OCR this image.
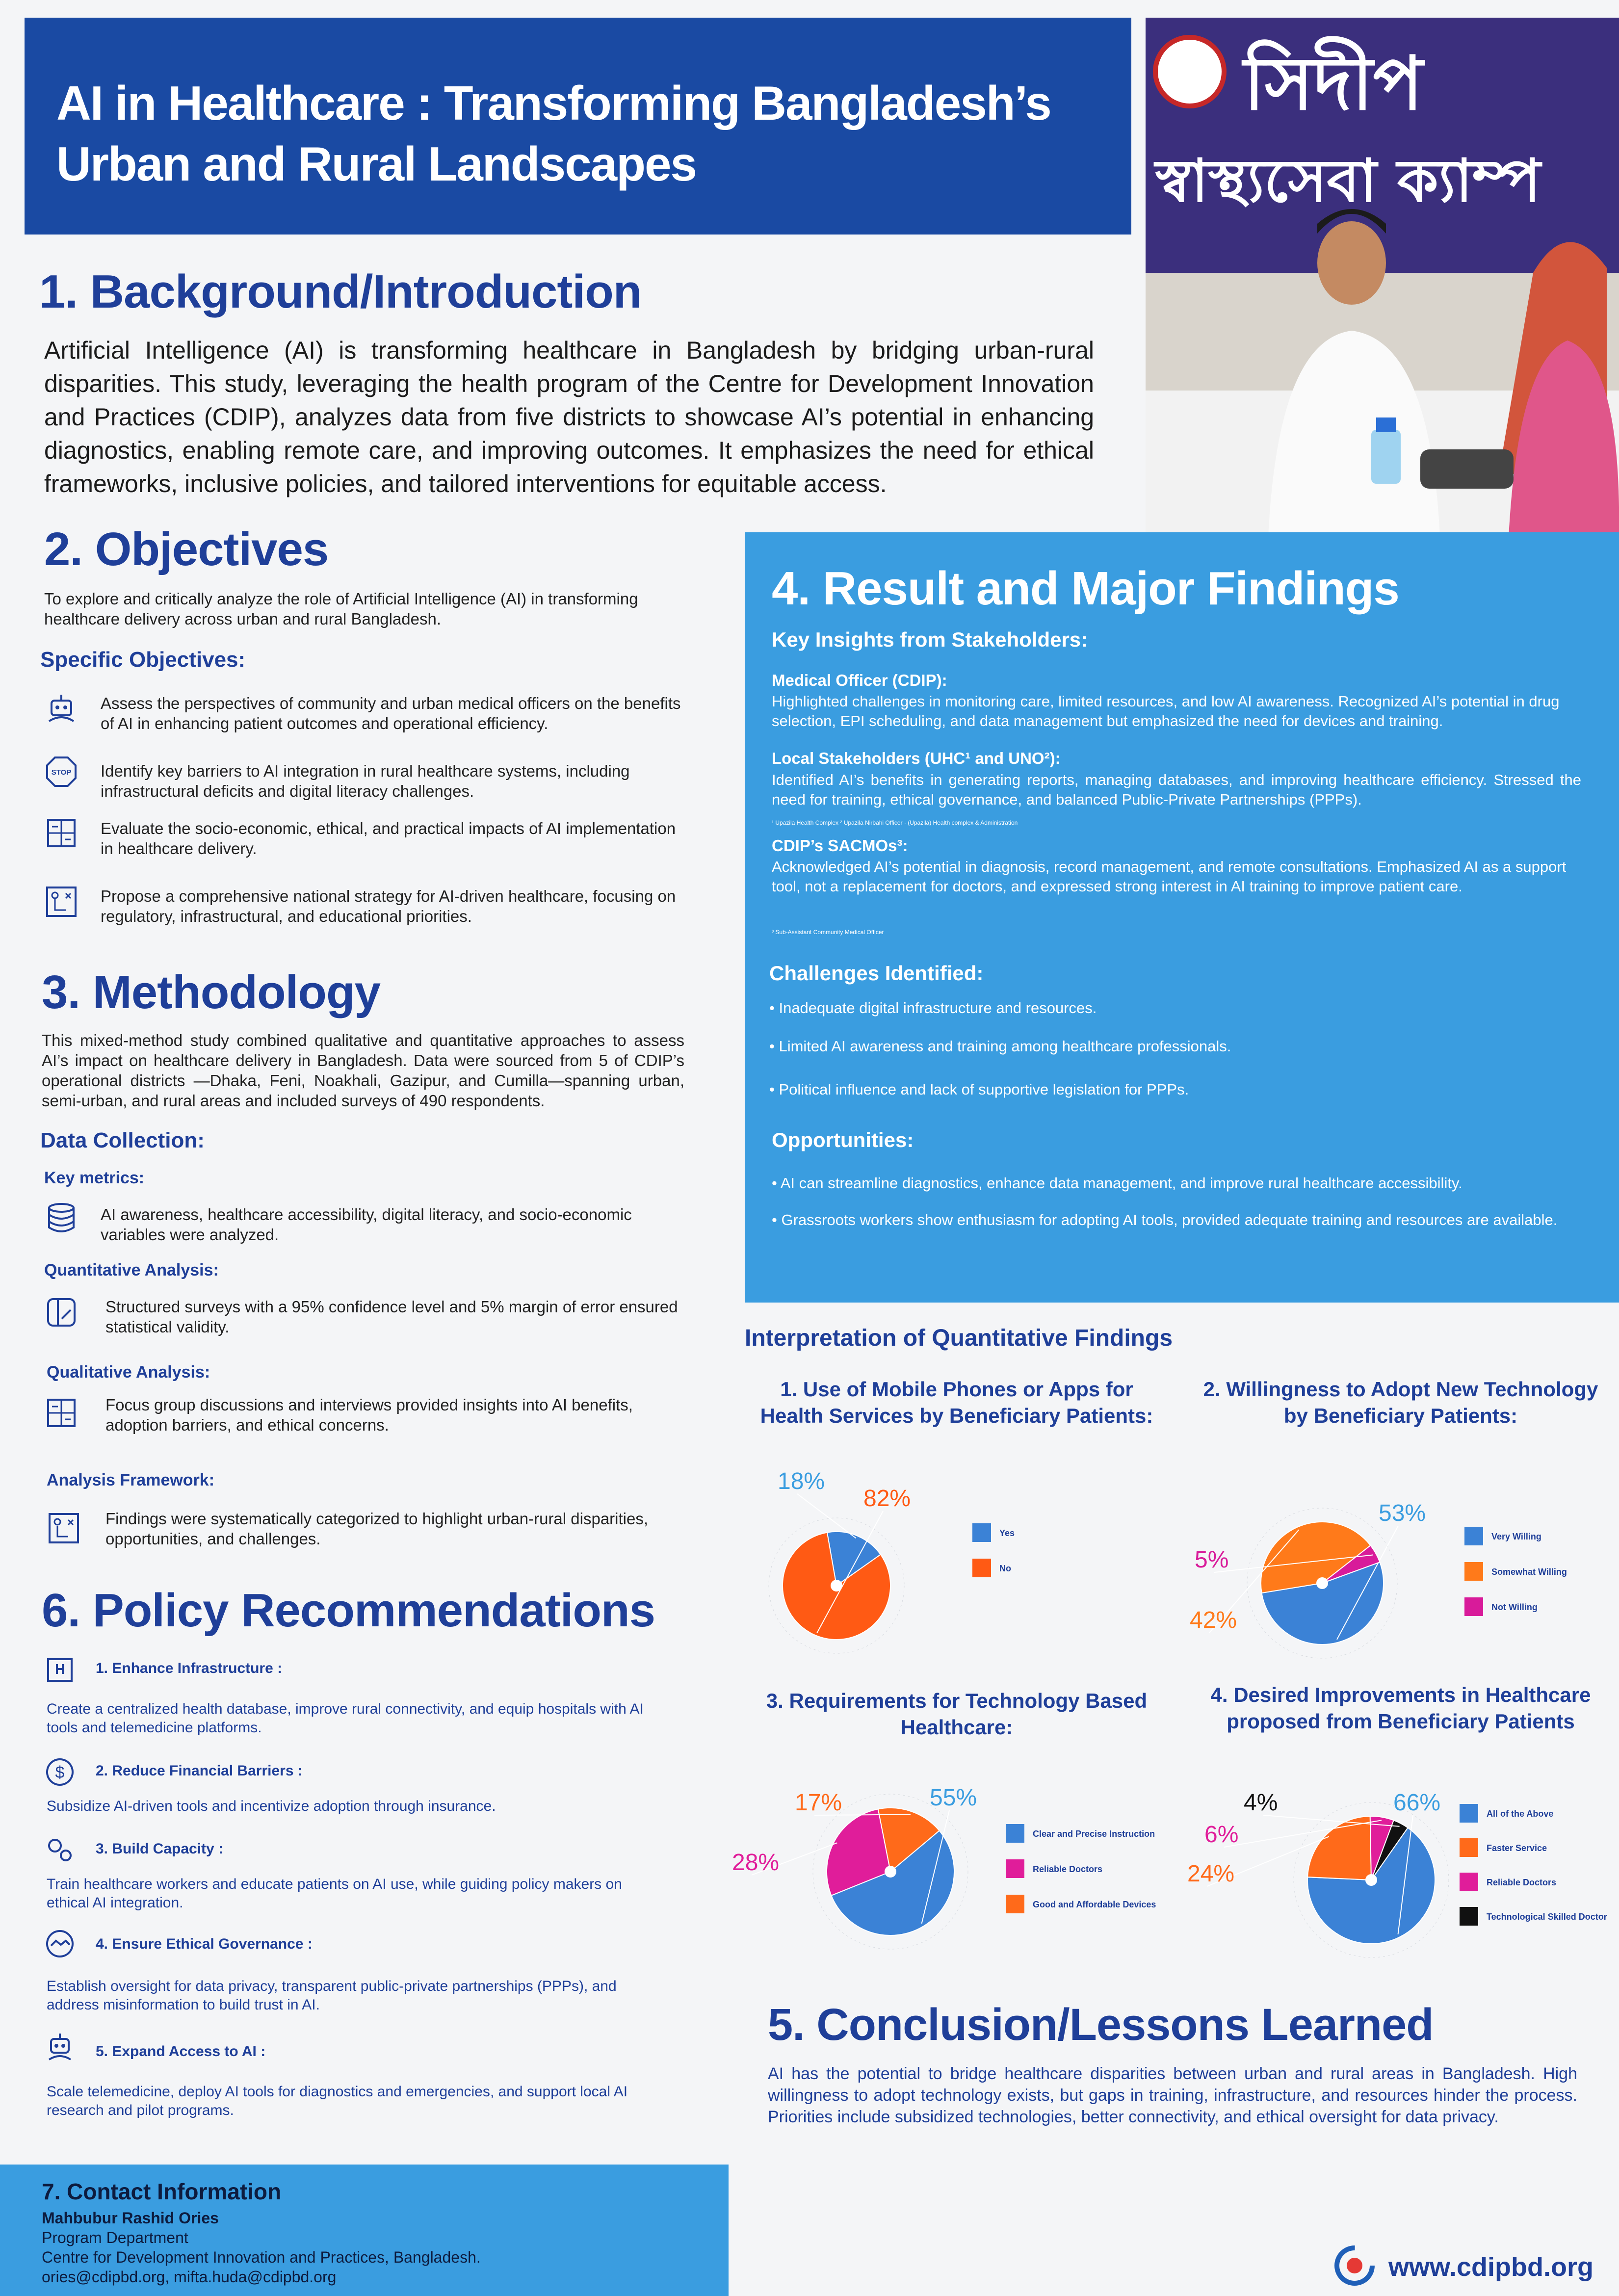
AI in Healthcare : Transforming Bangladesh’s
Urban and Rural Landscapes
সিদীপ
স্বাস্থ্যসেবা ক্যাম্প
1. Background/Introduction

Artificial Intelligence (AI) is transforming healthcare in Bangladesh by bridging urban-rural disparities. This study, leveraging the health program of the Centre for Development Innovation and Practices (CDIP), analyzes data from five districts to showcase AI’s potential in enhancing diagnostics, enabling remote care, and improving outcomes. It emphasizes the need for ethical frameworks, inclusive policies, and tailored interventions for equitable access.

2. Objectives

To explore and critically analyze the role of Artificial Intelligence (AI) in transforming healthcare delivery across urban and rural Bangladesh.

Specific Objectives:
Assess the perspectives of community and urban medical officers on the benefits of AI in enhancing patient outcomes and operational efficiency.
STOP Identify key barriers to AI integration in rural healthcare systems, including infrastructural deficits and digital literacy challenges.
Evaluate the socio-economic, ethical, and practical impacts of AI implementation in healthcare delivery.
Propose a comprehensive national strategy for AI-driven healthcare, focusing on regulatory, infrastructural, and educational priorities.
3. Methodology

This mixed-method study combined qualitative and quantitative approaches to assess AI’s impact on healthcare delivery in Bangladesh. Data were sourced from 5 of CDIP’s operational districts —Dhaka, Feni, Noakhali, Gazipur, and Cumilla—spanning urban, semi-urban, and rural areas and included surveys of 490 respondents.

Data Collection:
Key metrics:
AI awareness, healthcare accessibility, digital literacy, and socio-economic variables were analyzed.
Quantitative Analysis:
Structured surveys with a 95% confidence level and 5% margin of error ensured statistical validity.
Qualitative Analysis:
Focus group discussions and interviews provided insights into AI benefits, adoption barriers, and ethical concerns.
Analysis Framework:
Findings were systematically categorized to highlight urban-rural disparities, opportunities, and challenges.
6. Policy Recommendations
1. Enhance Infrastructure :
Create a centralized health database, improve rural connectivity, and equip hospitals with AI tools and telemedicine platforms.
$ 2. Reduce Financial Barriers :
Subsidize AI-driven tools and incentivize adoption through insurance.
3. Build Capacity :
Train healthcare workers and educate patients on AI use, while guiding policy makers on ethical AI integration.
4. Ensure Ethical Governance :
Establish oversight for data privacy, transparent public-private partnerships (PPPs), and address misinformation to build trust in AI.
5. Expand Access to AI :
Scale telemedicine, deploy AI tools for diagnostics and emergencies, and support local AI research and pilot programs.
7. Contact Information
Mahbubur Rashid Ories
Program Department
Centre for Development Innovation and Practices, Bangladesh.
ories@cdipbd.org, mifta.huda@cdipbd.org
4. Result and Major Findings
Key Insights from Stakeholders:
Medical Officer (CDIP):
Highlighted challenges in monitoring care, limited resources, and low AI awareness. Recognized AI’s potential in drug selection, EPI scheduling, and data management but emphasized the need for devices and training.
Local Stakeholders (UHC¹ and UNO²):
Identified AI’s benefits in generating reports, managing databases, and improving healthcare efficiency. Stressed the need for training, ethical governance, and balanced Public-Private Partnerships (PPPs).
¹ Upazila Health Complex ² Upazila Nirbahi Officer · (Upazila) Health complex & Administration
CDIP’s SACMOs³:
Acknowledged AI’s potential in diagnosis, record management, and remote consultations. Emphasized AI as a support tool, not a replacement for doctors, and expressed strong interest in AI training to improve patient care.
³ Sub-Assistant Community Medical Officer
Challenges Identified:
• Inadequate digital infrastructure and resources.
• Limited AI awareness and training among healthcare professionals.
• Political influence and lack of supportive legislation for PPPs.
Opportunities:
• AI can streamline diagnostics, enhance data management, and improve rural healthcare accessibility.
• Grassroots workers show enthusiasm for adopting AI tools, provided adequate training and resources are available.
Interpretation of Quantitative Findings
1. Use of Mobile Phones or Apps for Health Services by Beneficiary Patients:
2. Willingness to Adopt New Technology by Beneficiary Patients:
3. Requirements for Technology Based Healthcare:
4. Desired Improvements in Healthcare proposed from Beneficiary Patients
18%
Yes
82%
No
53%
Very Willing
42%
Somewhat Willing
5%
Not Willing
55%
Clear and Precise Instruction
28%	Reliable Doctors
17%
Good and Affordable Devices
66%	All of the Above
24%
Faster Service
6%
Reliable Doctors
4%
Technological Skilled Doctor
5. Conclusion/Lessons Learned

AI has the potential to bridge healthcare disparities between urban and rural areas in Bangladesh. High willingness to adopt technology exists, but gaps in training, infrastructure, and resources hinder the process. Priorities include subsidized technologies, better connectivity, and ethical oversight for data privacy.

www.cdipbd.org
